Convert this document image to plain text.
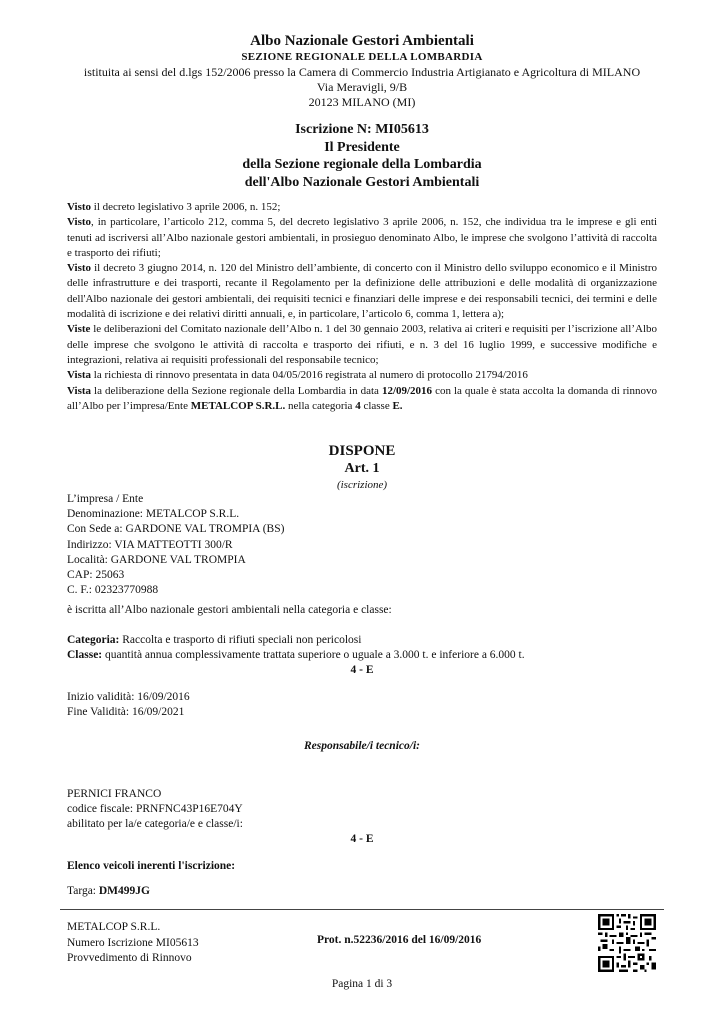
Albo Nazionale Gestori Ambientali
SEZIONE REGIONALE DELLA LOMBARDIA
istituita ai sensi del d.lgs 152/2006 presso la Camera di Commercio Industria Artigianato e Agricoltura di MILANO
Via Meravigli, 9/B
20123 MILANO (MI)
Iscrizione N: MI05613
Il Presidente
della Sezione regionale della Lombardia
dell'Albo Nazionale Gestori Ambientali

Visto il decreto legislativo 3 aprile 2006, n. 152;

Visto, in particolare, l’articolo 212, comma 5, del decreto legislativo 3 aprile 2006, n. 152, che individua tra le imprese e gli enti tenuti ad iscriversi all’Albo nazionale gestori ambientali, in prosieguo denominato Albo, le imprese che svolgono l’attività di raccolta e trasporto dei rifiuti;

Visto il decreto 3 giugno 2014, n. 120 del Ministro dell’ambiente, di concerto con il Ministro dello sviluppo economico e il Ministro delle infrastrutture e dei trasporti, recante il Regolamento per la definizione delle attribuzioni e delle modalità di organizzazione dell'Albo nazionale dei gestori ambientali, dei requisiti tecnici e finanziari delle imprese e dei responsabili tecnici, dei termini e delle modalità di iscrizione e dei relativi diritti annuali, e, in particolare, l’articolo 6, comma 1, lettera a);

Viste le deliberazioni del Comitato nazionale dell’Albo n. 1 del 30 gennaio 2003, relativa ai criteri e requisiti per l’iscrizione all’Albo delle imprese che svolgono le attività di raccolta e trasporto dei rifiuti, e n. 3 del 16 luglio 1999, e successive modifiche e integrazioni, relativa ai requisiti professionali del responsabile tecnico;

Vista la richiesta di rinnovo presentata in data 04/05/2016 registrata al numero di protocollo 21794/2016

Vista la deliberazione della Sezione regionale della Lombardia in data 12/09/2016 con la quale è stata accolta la domanda di rinnovo all’Albo per l’impresa/Ente METALCOP S.R.L. nella categoria 4 classe E.

DISPONE
Art. 1
(iscrizione)

L’impresa / Ente

Denominazione: METALCOP S.R.L.

Con Sede a: GARDONE VAL TROMPIA (BS)

Indirizzo: VIA MATTEOTTI 300/R

Località: GARDONE VAL TROMPIA

CAP: 25063

C. F.: 02323770988

è iscritta all’Albo nazionale gestori ambientali nella categoria e classe:

Categoria: Raccolta e trasporto di rifiuti speciali non pericolosi

Classe: quantità annua complessivamente trattata superiore o uguale a 3.000 t. e inferiore a 6.000 t.

4 - E

Inizio validità: 16/09/2016

Fine Validità: 16/09/2021

Responsabile/i tecnico/i:

PERNICI FRANCO

codice fiscale: PRNFNC43P16E704Y

abilitato per la/e categoria/e e classe/i:

4 - E

Elenco veicoli inerenti l'iscrizione:

Targa: DM499JG

METALCOP S.R.L.

Numero Iscrizione MI05613

Provvedimento di Rinnovo

Prot. n.52236/2016 del 16/09/2016
Pagina 1 di 3
